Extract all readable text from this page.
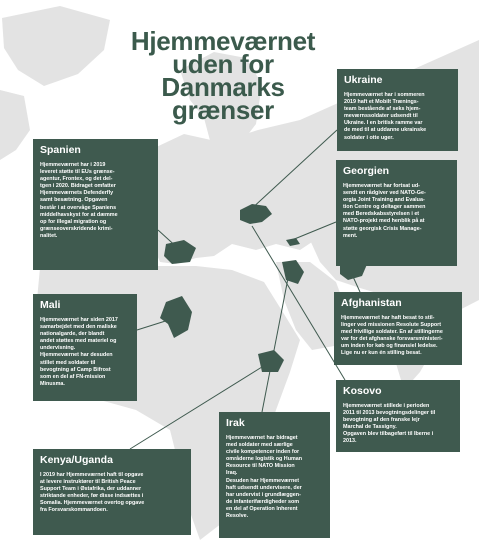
Hjemmeværnet
uden for
Danmarks
grænser
Ukraine

Hjemmeværnet har i sommeren
2019 haft et Mobilt Trænings-
team bestående af seks hjem-
meværnssoldater udsendt til
Ukraine. I en britisk ramme var
de med til at uddanne ukrainske
soldater i otte uger.

Georgien

Hjemmeværnet har fortsat ud-
sendt en rådgiver ved NATO-Ge-
orgia Joint Training and Evalua-
tion Centre og deltager sammen
med Beredskabsstyrelsen i et
NATO-projekt med henblik på at
støtte georgisk Crisis Manage-
ment.

Afghanistan

Hjemmeværnet har haft besat to stil-
linger ved missionen Resolute Support
med frivillige soldater. En af stillingerne
var for det afghanske forsvarsministeri-
um inden for køb og finansiel ledelse.
Lige nu er kun én stilling besat.

Kosovo

Hjemmeværnet stillede i perioden
2011 til 2013 bevogtningsdelinger til
bevogtning af den franske lejr
Marchal de Tassigny.
Opgaven blev tilbageført til Iberne i
2013.

Irak

Hjemmeværnet har bidraget
med soldater med særlige
civile kompetencer inden for
områderne logistik og Human
Resource til NATO Mission
Iraq.
Desuden har Hjemmeværnet
haft udsendt undervisere, der
har undervist i grundlæggen-
de infanterifærdigheder som
en del af Operation Inherent
Resolve.

Kenya/Uganda

I 2019 har Hjemmeværnet haft til opgave
at levere instruktører til British Peace
Support Team i Østafrika, der uddanner
striktande enheder, før disse indsættes i
Somalia. Hjemmeværnet overtog opgave
fra Forsvarskommandoen.

Mali

Hjemmeværnet har siden 2017
samarbejdet med den maliske
nationalgarde, der blandt
andet støttes med materiel og
undervisning.
Hjemmeværnet har desuden
stillet med soldater til
bevogtning af Camp Bifrost
som en del af FN-mission
Minusma.

Spanien

Hjemmeværnet har i 2019
leveret støtte til EUs grænse-
agentur, Frontex, og det del-
tgen i 2020. Bidraget omfatter
Hjemmeværnets Defenderfly
samt besætning. Opgaven
består i at overvåge Spaniens
middelhavskyst for at dæmme
op for illegal migration og
grænseoverskridende krimi-
nalitet.
